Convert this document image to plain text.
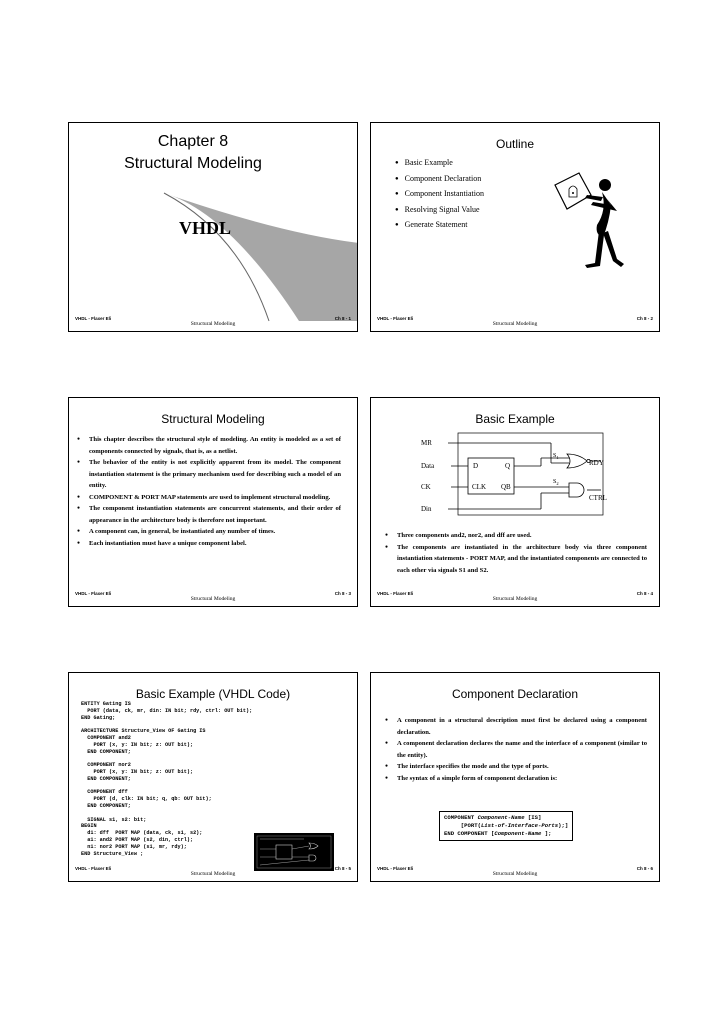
Chapter 8
Structural Modeling
VHDL
VHDL - Flaxer Eli	Ch 8 - 1
Structural Modeling
Outline
● Basic Example
● Component Declaration
● Component Instantiation
● Resolving Signal Value
● Generate Statement
VHDL - Flaxer Eli	Ch 8 - 2
Structural Modeling
Structural Modeling
● This chapter describes the structural style of modeling. An entity is modeled as a set of components connected by signals, that is, as a netlist.
● The behavior of the entity is not explicitly apparent from its model. The component instantiation statement is the primary mechanism used for describing such a model of an entity.
● COMPONENT & PORT MAP statements are used to implement structural modeling.
● The component instantiation statements are concurrent statements, and their order of appearance in the architecture body is therefore not important.
● A component can, in general, be instantiated any number of times.
● Each instantiation must have a unique component label.
VHDL - Flaxer Eli	Ch 8 - 3
Structural Modeling
Basic Example
MR
Data
CK
Din
D	Q
CLK QB
$S_1$
$S_2$
RDY
CTRL
● Three components and2, nor2, and dff are used.
● The components are instantiated in the architecture body via three component instantiation statements - PORT MAP, and the instantiated components are connected to each other via signals S1 and S2.
VHDL - Flaxer Eli	Ch 8 - 4
Structural Modeling
Basic Example (VHDL Code)
ENTITY Gating IS
PORT (data, ck, mr, din: IN bit; rdy, ctrl: OUT bit);
END Gating;

ARCHITECTURE Structure_View OF Gating IS
COMPONENT and2
PORT (x, y: IN bit; z: OUT bit);
END COMPONENT;

COMPONENT nor2
PORT (x, y: IN bit; z: OUT bit);
END COMPONENT;

COMPONENT dff
PORT (d, clk: IN bit; q, qb: OUT bit);
END COMPONENT;

SIGNAL s1, s2: bit;
BEGIN
d1: dff  PORT MAP (data, ck, s1, s2);
a1: and2 PORT MAP (s2, din, ctrl);
n1: nor2 PORT MAP (s1, mr, rdy);
END Structure_View ;
VHDL - Flaxer Eli	Ch 8 - 5
Structural Modeling
Component Declaration
● A component in a structural description must first be declared using a component declaration.
● A component declaration declares the name and the interface of a component (similar to the entity).
● The interface specifies the mode and the type of ports.
● The syntax of a simple form of component declaration is:
COMPONENT Component-Name [IS]
[PORT(List-of-Interface-Ports);]
END COMPONENT [Component-Name ];
VHDL - Flaxer Eli	Ch 8 - 6
Structural Modeling
